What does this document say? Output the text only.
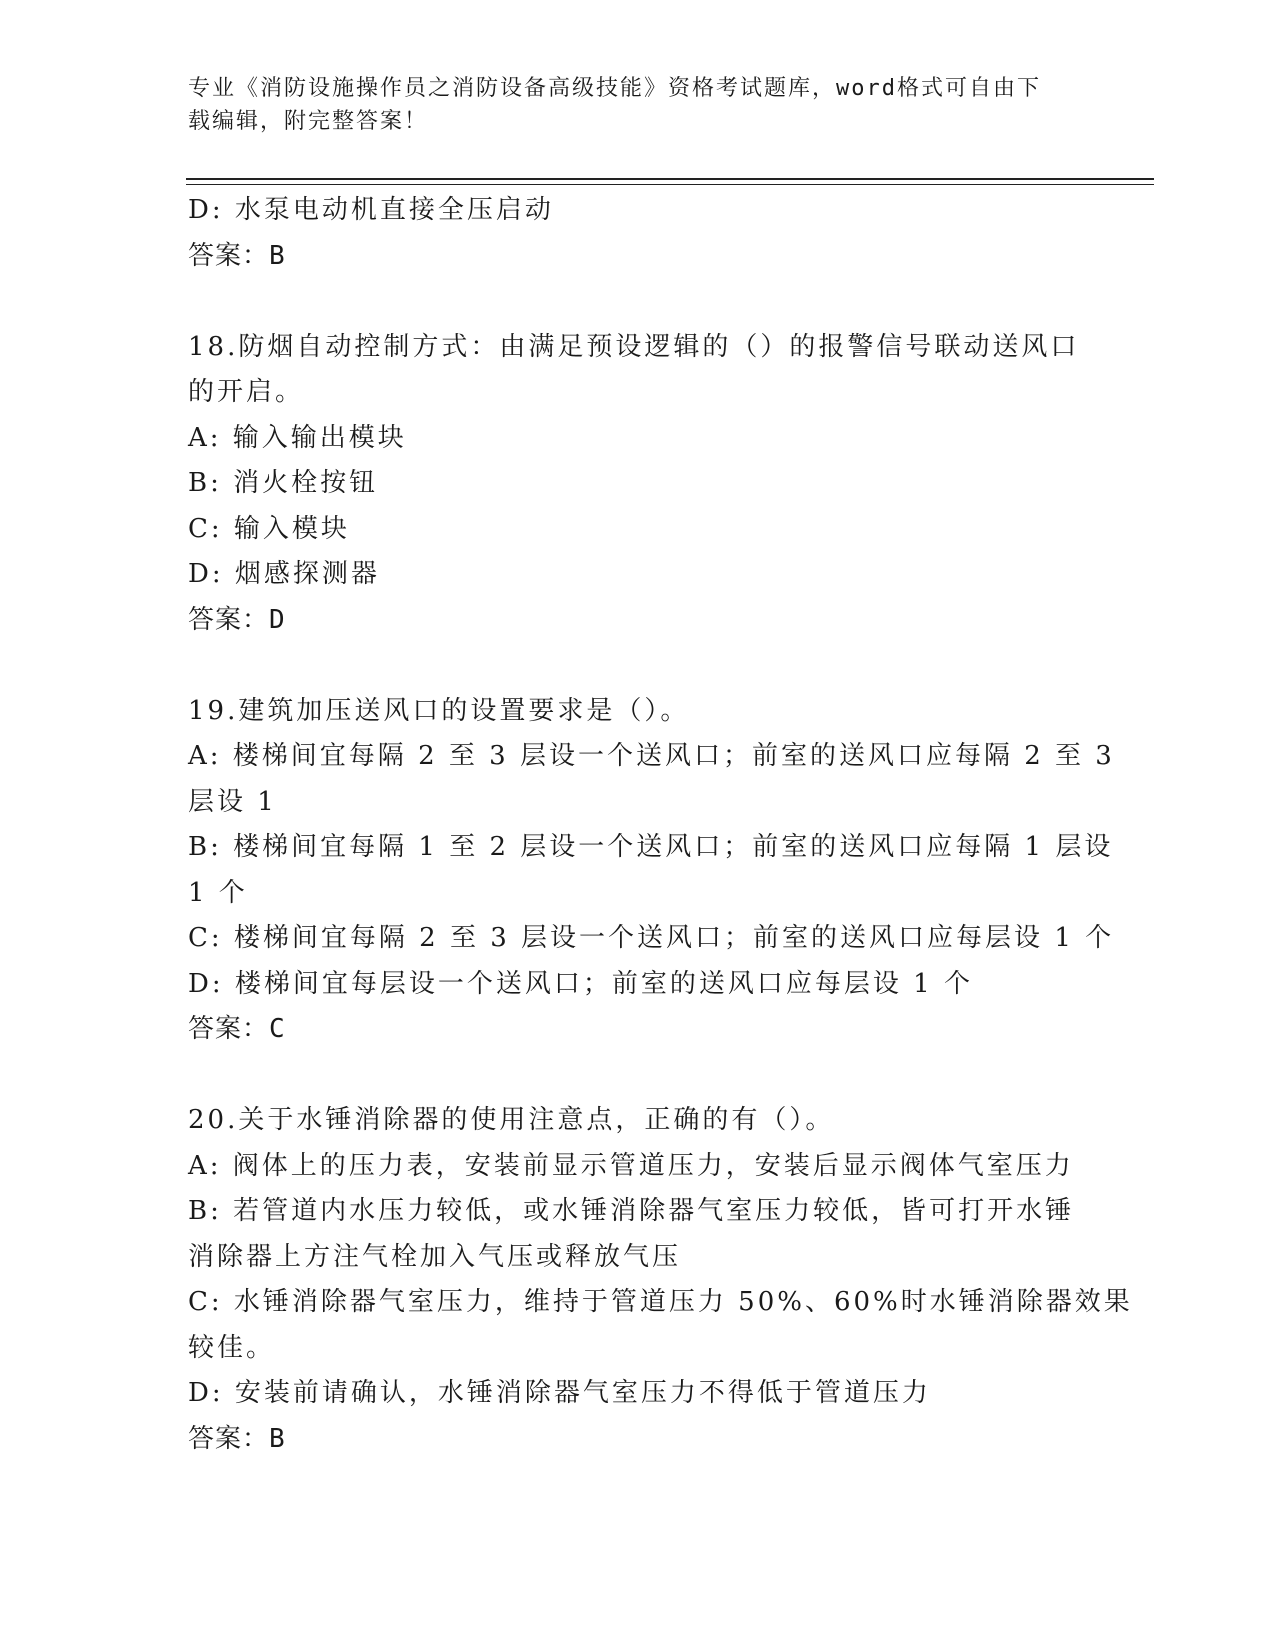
专业《消防设施操作员之消防设备高级技能》资格考试题库，word格式可自由下
载编辑，附完整答案！
D: 水泵电动机直接全压启动
答案：B
18.防烟自动控制方式：由满足预设逻辑的（）的报警信号联动送风口
的开启。
A: 输入输出模块
B: 消火栓按钮
C: 输入模块
D: 烟感探测器
答案：D
19.建筑加压送风口的设置要求是（）。
A: 楼梯间宜每隔 2 至 3 层设一个送风口；前室的送风口应每隔 2 至 3
层设 1
B: 楼梯间宜每隔 1 至 2 层设一个送风口；前室的送风口应每隔 1 层设
1 个
C: 楼梯间宜每隔 2 至 3 层设一个送风口；前室的送风口应每层设 1 个
D: 楼梯间宜每层设一个送风口；前室的送风口应每层设 1 个
答案：C
20.关于水锤消除器的使用注意点，正确的有（）。
A: 阀体上的压力表，安装前显示管道压力，安装后显示阀体气室压力
B: 若管道内水压力较低，或水锤消除器气室压力较低，皆可打开水锤
消除器上方注气栓加入气压或释放气压
C: 水锤消除器气室压力，维持于管道压力 50%、60%时水锤消除器效果
较佳。
D: 安装前请确认，水锤消除器气室压力不得低于管道压力
答案：B
